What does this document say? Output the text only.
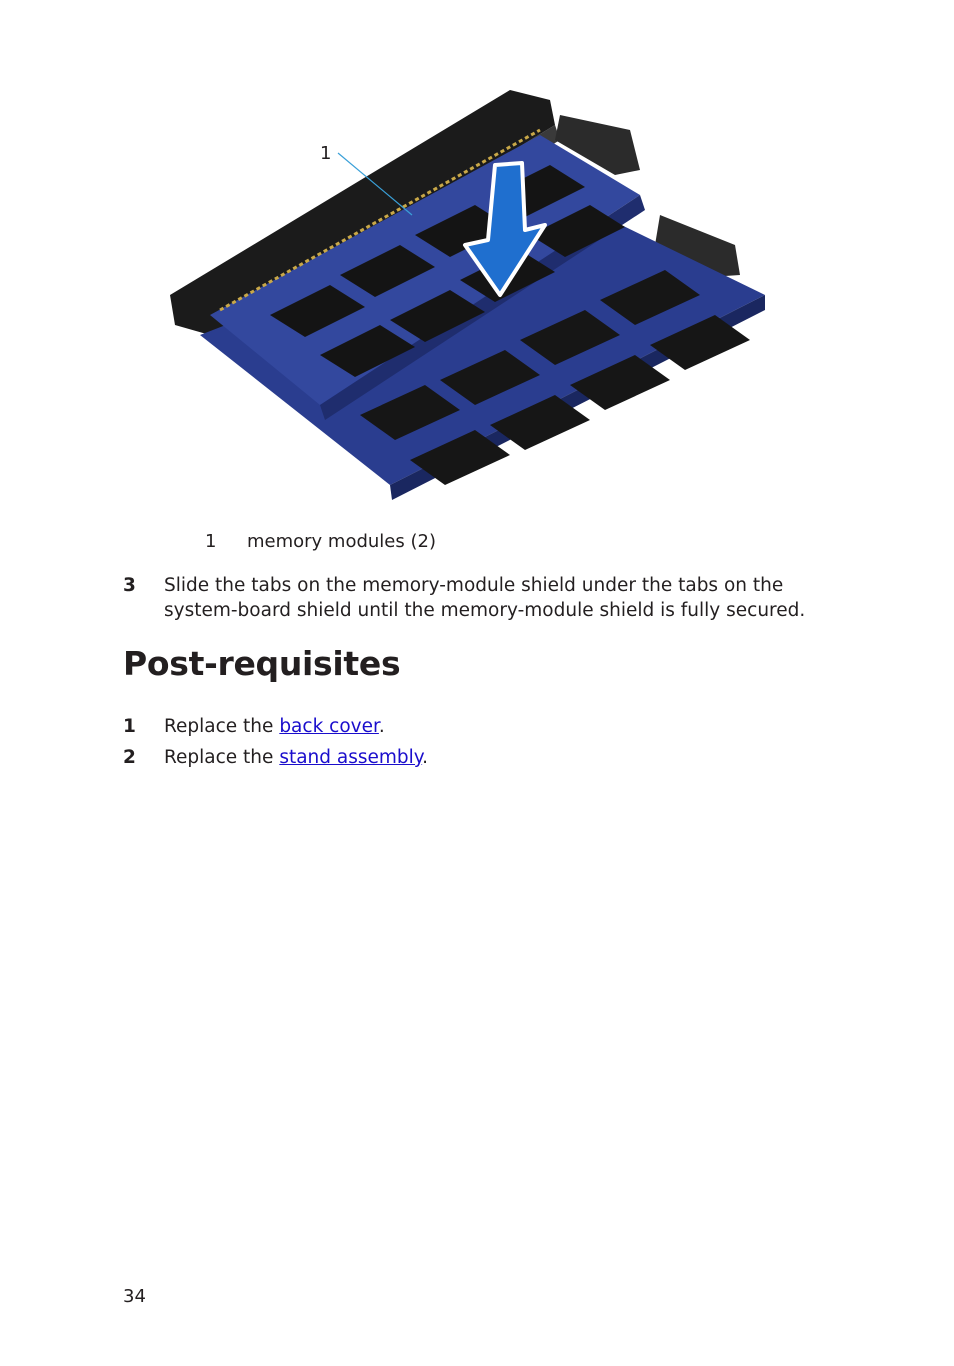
1
1	memory modules (2)
3	Slide the tabs on the memory-module shield under the tabs on the system-board shield until the memory-module shield is fully secured.
Post-requisites
1	Replace the back cover.
2	Replace the stand assembly.
34
